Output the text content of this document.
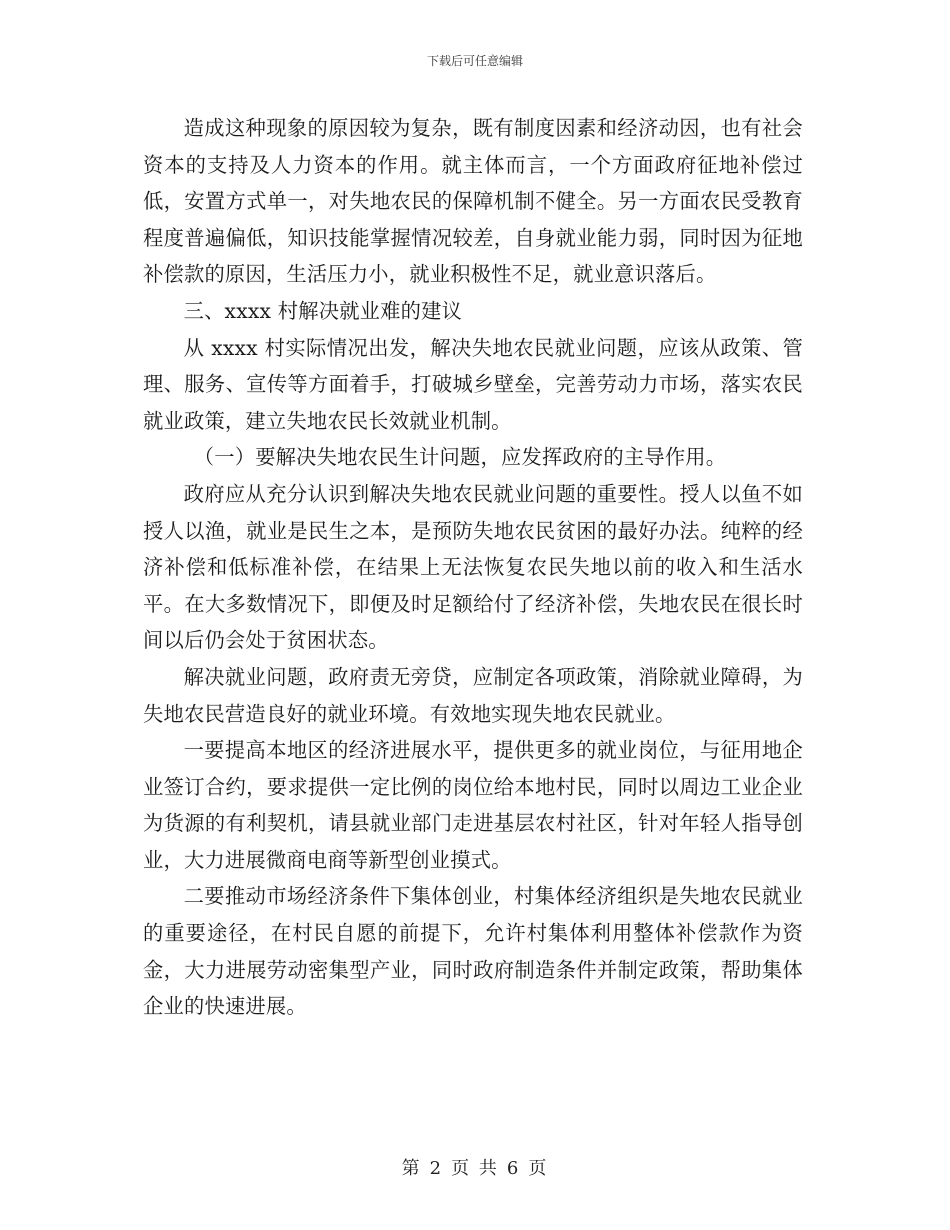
下载后可任意编辑

造成这种现象的原因较为复杂，既有制度因素和经济动因，也有社会资本的支持及人力资本的作用。就主体而言，一个方面政府征地补偿过低，安置方式单一，对失地农民的保障机制不健全。另一方面农民受教育程度普遍偏低，知识技能掌握情况较差，自身就业能力弱，同时因为征地补偿款的原因，生活压力小，就业积极性不足，就业意识落后。

三、xxxx 村解决就业难的建议

从 xxxx 村实际情况出发，解决失地农民就业问题，应该从政策、管理、服务、宣传等方面着手，打破城乡壁垒，完善劳动力市场，落实农民就业政策，建立失地农民长效就业机制。

（一）要解决失地农民生计问题，应发挥政府的主导作用。

政府应从充分认识到解决失地农民就业问题的重要性。授人以鱼不如授人以渔，就业是民生之本，是预防失地农民贫困的最好办法。纯粹的经济补偿和低标准补偿，在结果上无法恢复农民失地以前的收入和生活水平。在大多数情况下，即便及时足额给付了经济补偿，失地农民在很长时间以后仍会处于贫困状态。

解决就业问题，政府责无旁贷，应制定各项政策，消除就业障碍，为失地农民营造良好的就业环境。有效地实现失地农民就业。

一要提高本地区的经济进展水平，提供更多的就业岗位，与征用地企业签订合约，要求提供一定比例的岗位给本地村民，同时以周边工业企业为货源的有利契机，请县就业部门走进基层农村社区，针对年轻人指导创业，大力进展微商电商等新型创业摸式。

二要推动市场经济条件下集体创业，村集体经济组织是失地农民就业的重要途径，在村民自愿的前提下，允许村集体利用整体补偿款作为资金，大力进展劳动密集型产业，同时政府制造条件并制定政策，帮助集体企业的快速进展。

第 2 页 共 6 页
